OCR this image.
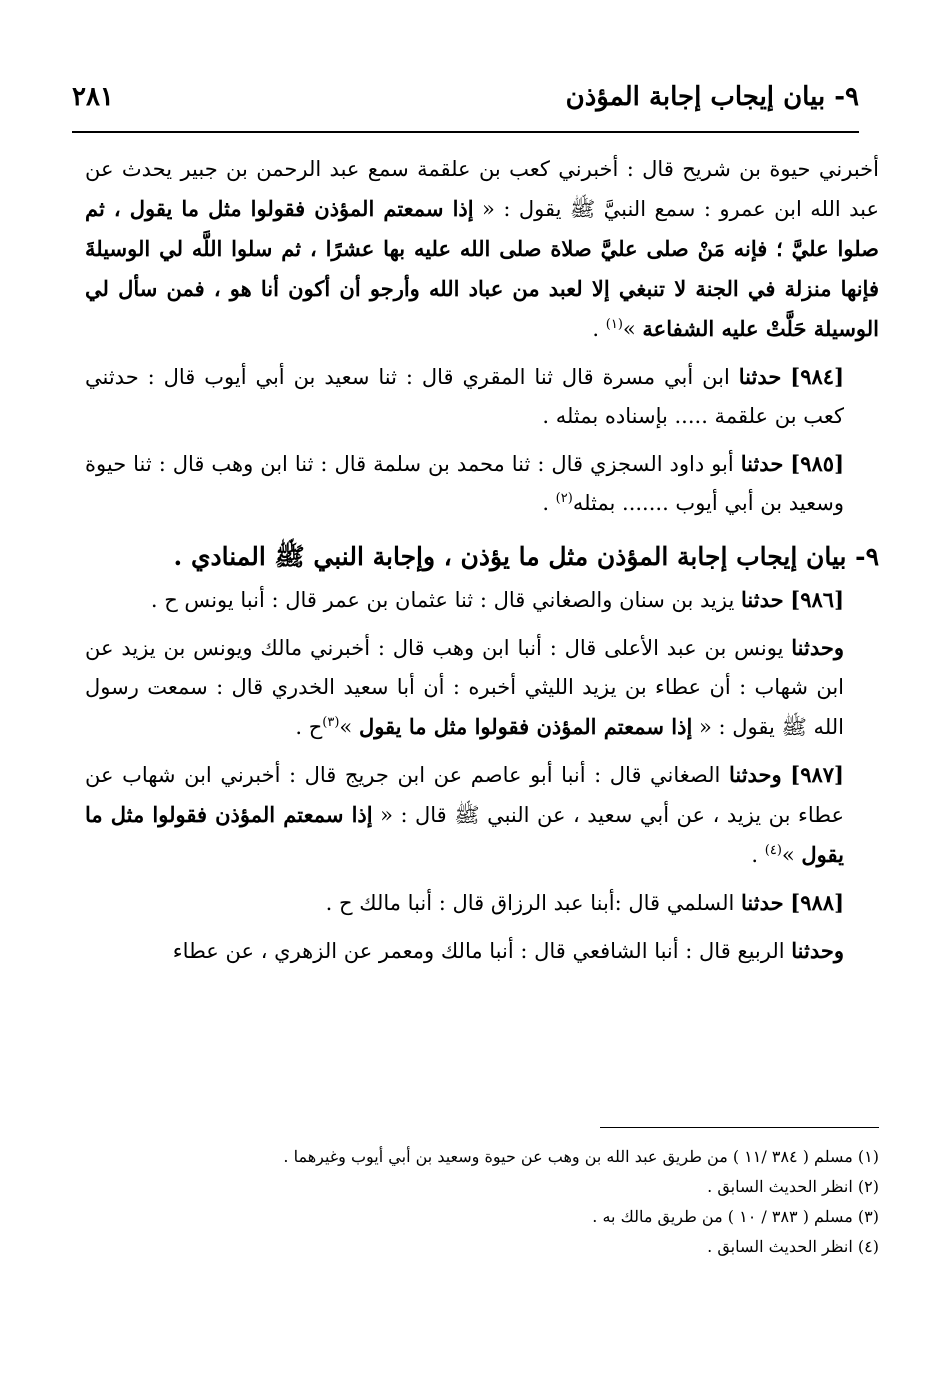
٩- بيان إيجاب إجابة المؤذن
٢٨١

أخبرني حيوة بن شريح قال : أخبرني كعب بن علقمة سمع عبد الرحمن بن جبير يحدث عن عبد الله ابن عمرو : سمع النبيَّ ﷺ يقول : « إذا سمعتم المؤذن فقولوا مثل ما يقول ، ثم صلوا عليَّ ؛ فإنه مَنْ صلى عليَّ صلاة صلى الله عليه بها عشرًا ، ثم سلوا اللَّه لي الوسيلةَ فإنها منزلة في الجنة لا تنبغي إلا لعبد من عباد الله وأرجو أن أكون أنا هو ، فمن سأل لي الوسيلة حَلَّتْ عليه الشفاعة »$^{(١)}$ .

[٩٨٤] حدثنا ابن أبي مسرة قال ثنا المقري قال : ثنا سعيد بن أبي أيوب قال : حدثني كعب بن علقمة ..... بإسناده بمثله .

[٩٨٥] حدثنا أبو داود السجزي قال : ثنا محمد بن سلمة قال : ثنا ابن وهب قال : ثنا حيوة وسعيد بن أبي أيوب ....... بمثله$^{(٢)}$ .

٩- بيان إيجاب إجابة المؤذن مثل ما يؤذن ، وإجابة النبي ﷺ المنادي .

[٩٨٦] حدثنا يزيد بن سنان والصغاني قال : ثنا عثمان بن عمر قال : أنبا يونس ح .

وحدثنا يونس بن عبد الأعلى قال : أنبا ابن وهب قال : أخبرني مالك ويونس بن يزيد عن ابن شهاب : أن عطاء بن يزيد الليثي أخبره : أن أبا سعيد الخدري قال : سمعت رسول الله ﷺ يقول : « إذا سمعتم المؤذن فقولوا مثل ما يقول »$^{(٣)}$ح .

[٩٨٧] وحدثنا الصغاني قال : أنبا أبو عاصم عن ابن جريج قال : أخبرني ابن شهاب عن عطاء بن يزيد ، عن أبي سعيد ، عن النبي ﷺ قال : « إذا سمعتم المؤذن فقولوا مثل ما يقول »$^{(٤)}$ .

[٩٨٨] حدثنا السلمي قال :أبنا عبد الرزاق قال : أنبا مالك ح .

وحدثنا الربيع قال : أنبا الشافعي قال : أنبا مالك ومعمر عن الزهري ، عن عطاء

(١) مسلم ( ٣٨٤ /١١ ) من طريق عبد الله بن وهب عن حيوة وسعيد بن أبي أيوب وغيرهما .
(٢) انظر الحديث السابق .
(٣) مسلم ( ٣٨٣ / ١٠ ) من طريق مالك به .
(٤) انظر الحديث السابق .
